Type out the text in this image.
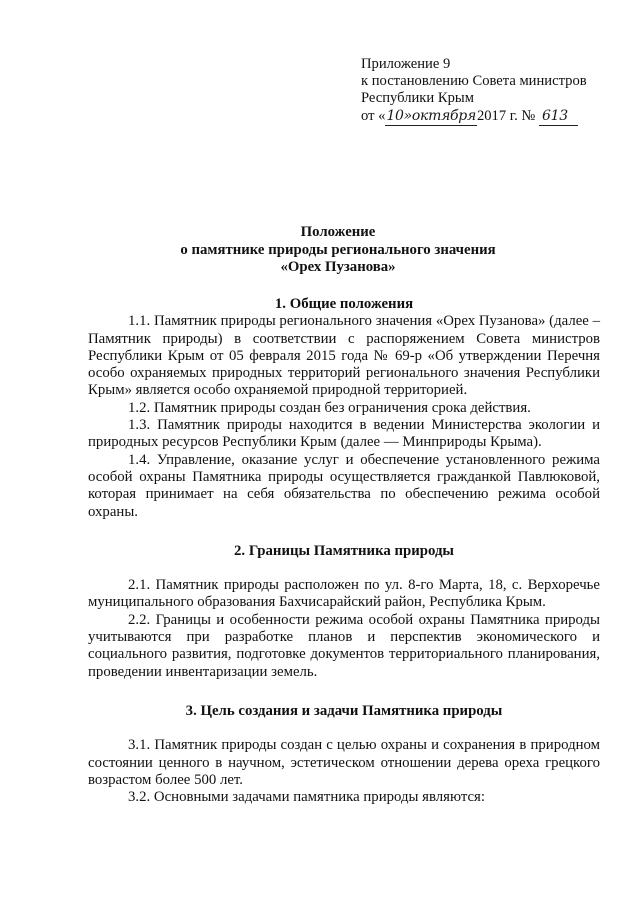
Приложение 9
к постановлению Совета министров
Республики Крым
от «10»октября2017 г. № 613
Положение
о памятнике природы регионального значения
«Орех Пузанова»
1. Общие положения
1.1. Памятник природы регионального значения «Орех Пузанова» (далее – Памятник природы) в соответствии с распоряжением Совета министров Республики Крым от 05 февраля 2015 года № 69-р «Об утверждении Перечня особо охраняемых природных территорий регионального значения Республики Крым» является особо охраняемой природной территорией.
1.2. Памятник природы создан без ограничения срока действия.
1.3. Памятник природы находится в ведении Министерства экологии и природных ресурсов Республики Крым (далее — Минприроды Крыма).
1.4. Управление, оказание услуг и обеспечение установленного режима особой охраны Памятника природы осуществляется гражданкой Павлюковой, которая принимает на себя обязательства по обеспечению режима особой охраны.
2. Границы Памятника природы
2.1. Памятник природы расположен по ул. 8-го Марта, 18, с. Верхоречье муниципального образования Бахчисарайский район, Республика Крым.
2.2. Границы и особенности режима особой охраны Памятника природы учитываются при разработке планов и перспектив экономического и социального развития, подготовке документов территориального планирования, проведении инвентаризации земель.
3. Цель создания и задачи Памятника природы
3.1. Памятник природы создан с целью охраны и сохранения в природном состоянии ценного в научном, эстетическом отношении дерева ореха грецкого возрастом более 500 лет.
3.2. Основными задачами памятника природы являются:
